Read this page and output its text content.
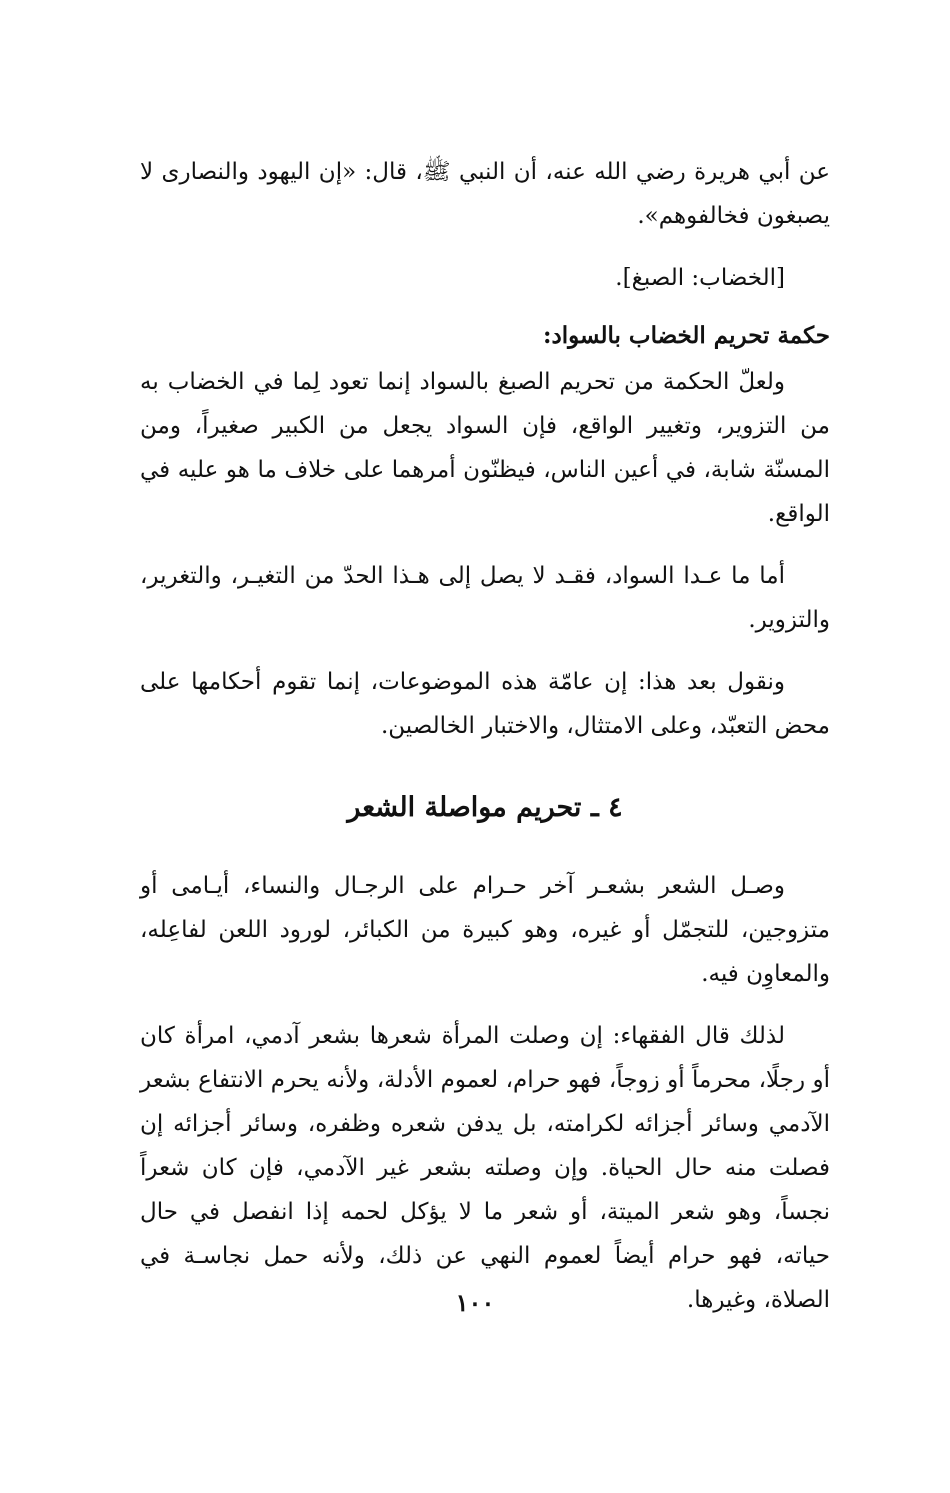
عن أبي هريرة رضي الله عنه، أن النبي ﷺ، قال: «إن اليهود والنصارى لا يصبغون فخالفوهم».

[الخضاب: الصبغ].

حكمة تحريم الخضاب بالسواد:

ولعلّ الحكمة من تحريم الصبغ بالسواد إنما تعود لِما في الخضاب به من التزوير، وتغيير الواقع، فإن السواد يجعل من الكبير صغيراً، ومن المسنّة شابة، في أعين الناس، فيظنّون أمرهما على خلاف ما هو عليه في الواقع.

أما ما عـدا السواد، فقـد لا يصل إلى هـذا الحدّ من التغيـر، والتغرير، والتزوير.

ونقول بعد هذا: إن عامّة هذه الموضوعات، إنما تقوم أحكامها على محض التعبّد، وعلى الامتثال، والاختبار الخالصين.

٤ ـ تحريم مواصلة الشعر

وصـل الشعر بشعـر آخر حـرام على الرجـال والنساء، أيـامى أو متزوجين، للتجمّل أو غيره، وهو كبيرة من الكبائر، لورود اللعن لفاعِله، والمعاوِن فيه.

لذلك قال الفقهاء: إن وصلت المرأة شعرها بشعر آدمي، امرأة كان أو رجلًا، محرماً أو زوجاً، فهو حرام، لعموم الأدلة، ولأنه يحرم الانتفاع بشعر الآدمي وسائر أجزائه لكرامته، بل يدفن شعره وظفره، وسائر أجزائه إن فصلت منه حال الحياة. وإن وصلته بشعر غير الآدمي، فإن كان شعراً نجساً، وهو شعر الميتة، أو شعر ما لا يؤكل لحمه إذا انفصل في حال حياته، فهو حرام أيضاً لعموم النهي عن ذلك، ولأنه حمل نجاسـة في الصلاة، وغيرها.

١٠٠
